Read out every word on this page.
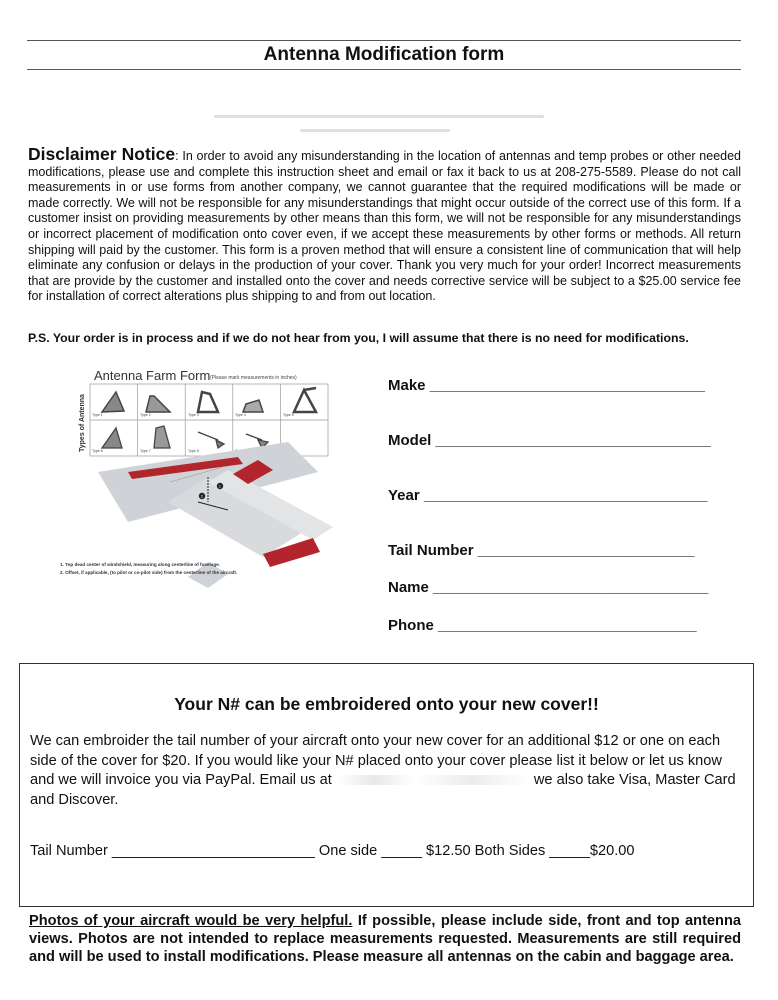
Antenna Modification form
Disclaimer Notice: In order to avoid any misunderstanding in the location of antennas and temp probes or other needed modifications, please use and complete this instruction sheet and email or fax it back to us at 208-275-5589. Please do not call measurements in or use forms from another company, we cannot guarantee that the required modifications will be made or made correctly. We will not be responsible for any misunderstandings that might occur outside of the correct use of this form. If a customer insist on providing measurements by other means than this form, we will not be responsible for any misunderstandings or incorrect placement of modification onto cover even, if we accept these measurements by other forms or methods. All return shipping will paid by the customer. This form is a proven method that will ensure a consistent line of communication that will help eliminate any confusion or delays in the production of your cover. Thank you very much for your order! Incorrect measurements that are provide by the customer and installed onto the cover and needs corrective service will be subject to a $25.00 service fee for installation of correct alterations plus shipping to and from out location.
P.S. Your order is in process and if we do not hear from you, I will assume that there is no need for modifications.
Antenna Farm Form (Please mark measurements in inches)
Types of Antenna Type 1	Type 2	Type 3	Type 4	Type 5
Type 6	Type 7	Type 8
1
2
1. Top dead center of windshield, measuring along centerline of fuselage.
2. Offset, if applicable, (to pilot or co-pilot side) from the centerline of the aircraft.
Make _________________________________
Model _________________________________
Year __________________________________
Tail Number __________________________
Name _________________________________
Phone _______________________________
Your N# can be embroidered onto your new cover!!
We can embroider the tail number of your aircraft onto your new cover for an additional $12 or one on each side of the cover for $20. If you would like your N# placed onto your cover please list it below or let us know and we will invoice you via PayPal. Email us at	we also take Visa, Master Card and Discover.
Tail Number _________________________ One side _____ $12.50 Both Sides _____$20.00
Photos of your aircraft would be very helpful. If possible, please include side, front and top antenna views. Photos are not intended to replace measurements requested. Measurements are still required and will be used to install modifications. Please measure all antennas on the cabin and baggage area.
